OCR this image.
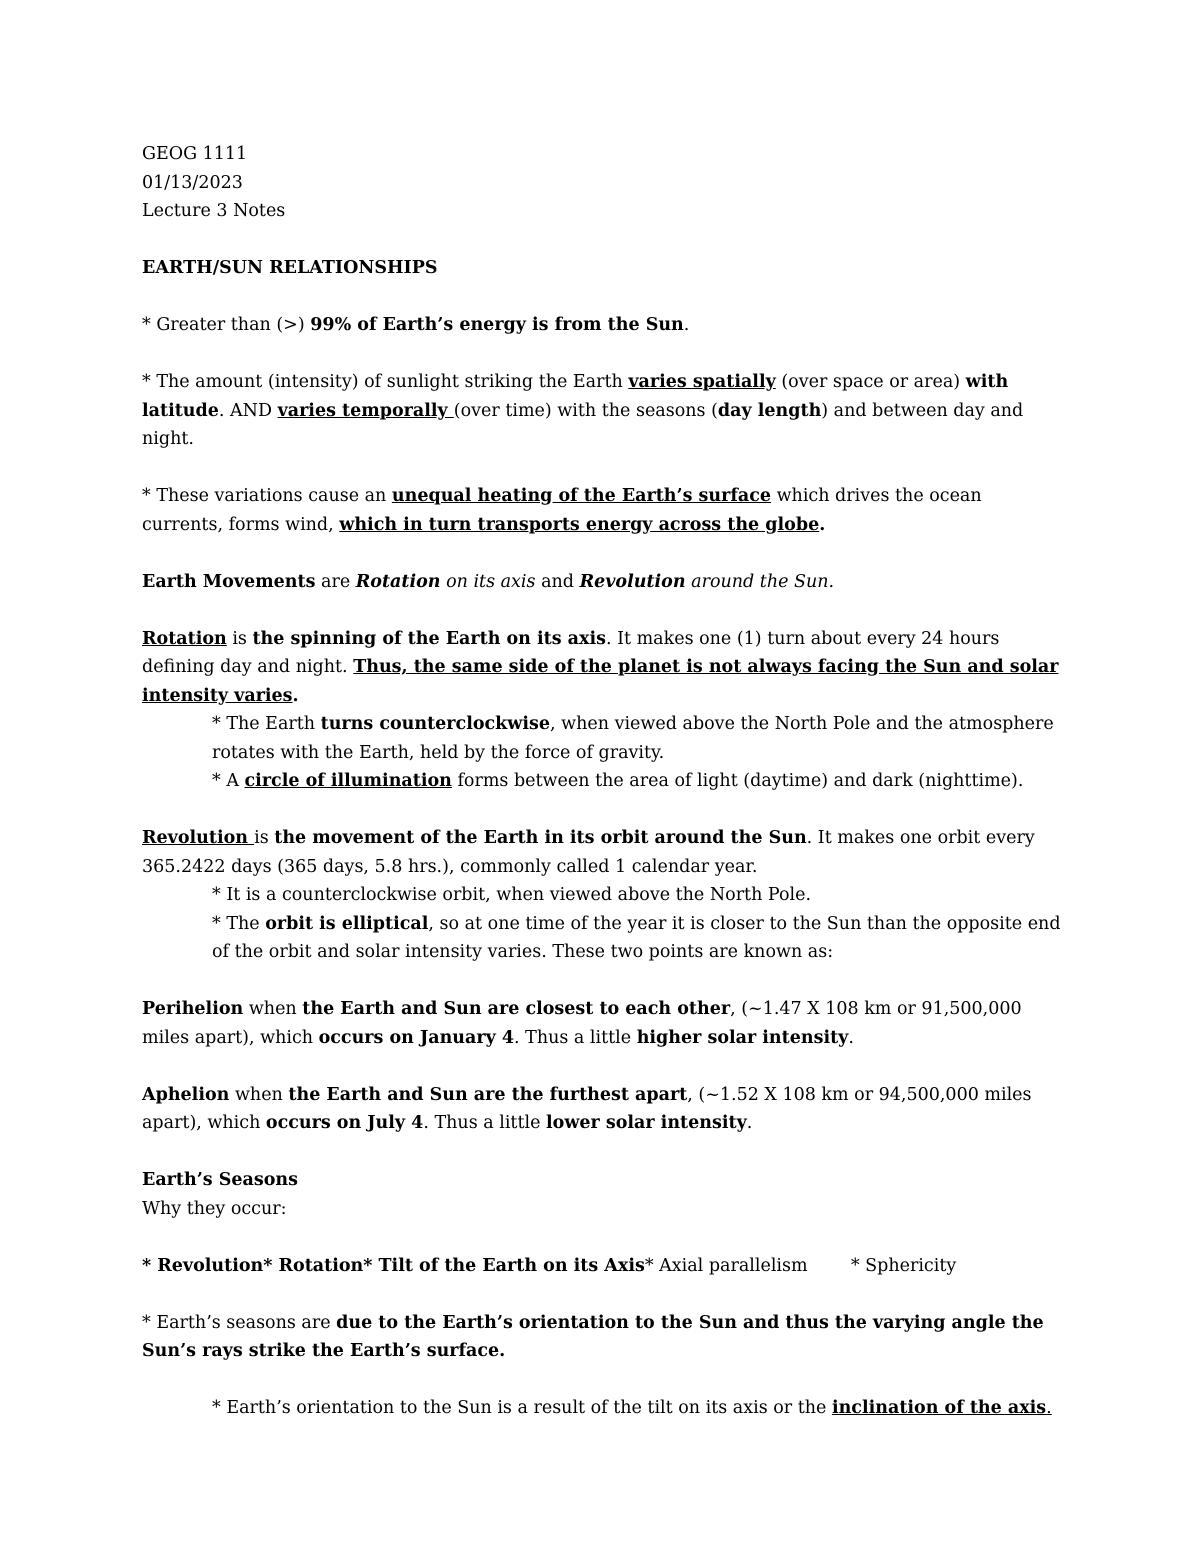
GEOG 1111

01/13/2023

Lecture 3 Notes

EARTH/SUN RELATIONSHIPS

* Greater than (>) 99% of Earth’s energy is from the Sun.

* The amount (intensity) of sunlight striking the Earth varies spatially (over space or area) with latitude. AND varies temporally (over time) with the seasons (day length) and between day and night.

* These variations cause an unequal heating of the Earth’s surface which drives the ocean currents, forms wind, which in turn transports energy across the globe.

Earth Movements are Rotation on its axis and Revolution around the Sun.

Rotation is the spinning of the Earth on its axis. It makes one (1) turn about every 24 hours defining day and night. Thus, the same side of the planet is not always facing the Sun and solar intensity varies.

* The Earth turns counterclockwise, when viewed above the North Pole and the atmosphere rotates with the Earth, held by the force of gravity.

* A circle of illumination forms between the area of light (daytime) and dark (nighttime).

Revolution is the movement of the Earth in its orbit around the Sun. It makes one orbit every 365.2422 days (365 days, 5.8 hrs.), commonly called 1 calendar year.

* It is a counterclockwise orbit, when viewed above the North Pole.

* The orbit is elliptical, so at one time of the year it is closer to the Sun than the opposite end of the orbit and solar intensity varies. These two points are known as:

Perihelion when the Earth and Sun are closest to each other, (~1.47 X 108 km or 91,500,000 miles apart), which occurs on January 4. Thus a little higher solar intensity.

Aphelion when the Earth and Sun are the furthest apart, (~1.52 X 108 km or 94,500,000 miles apart), which occurs on July 4. Thus a little lower solar intensity.

Earth’s Seasons

Why they occur:

* Revolution* Rotation* Tilt of the Earth on its Axis* Axial parallelism * Sphericity

* Earth’s seasons are due to the Earth’s orientation to the Sun and thus the varying angle the Sun’s rays strike the Earth’s surface.

* Earth’s orientation to the Sun is a result of the tilt on its axis or the inclination of the axis.
